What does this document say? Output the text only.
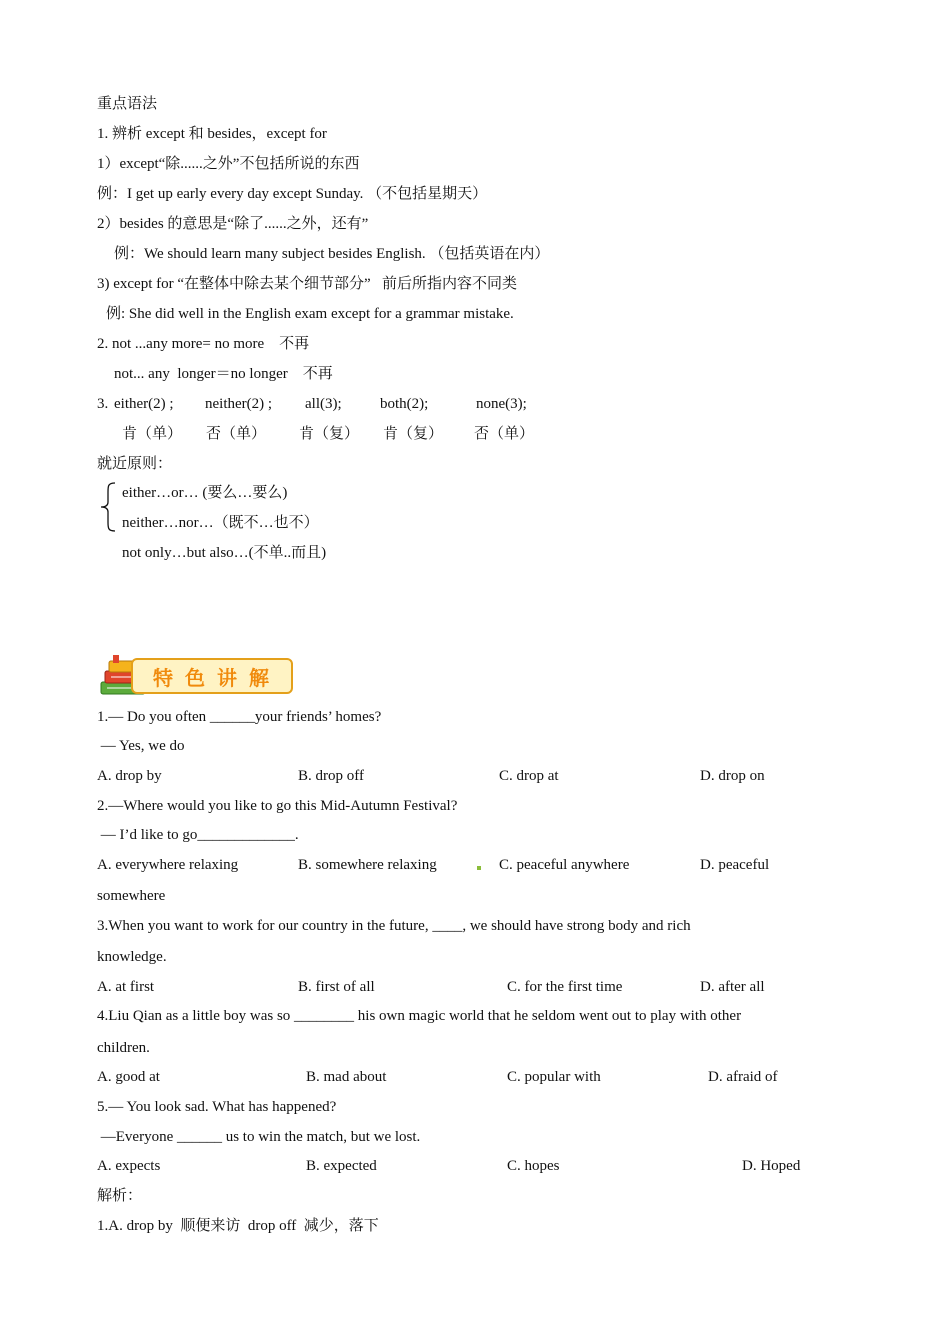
重点语法
1. 辨析 except 和 besides，except for
1）except“除......之外”不包括所说的东西
例：I get up early every day except Sunday. （不包括星期天）
2）besides 的意思是“除了......之外，还有”
例：We should learn many subject besides English. （包括英语在内）
3) except for “在整体中除去某个细节部分”   前后所指内容不同类
例: She did well in the English exam except for a grammar mistake.
2. not ...any more= no more    不再
not... any  longer＝no longer    不再
3. either(2) ; neither(2) ; all(3);	both(2);	none(3);
肯（单） 否（单） 肯（复） 肯（复） 否（单）
就近原则：
either…or… (要么…要么)
neither…nor…（既不…也不）
not only…but also…(不单..而且)
特色讲解
1.— Do you often ______your friends’ homes?
— Yes, we do
A. drop by	B. drop off	C. drop at	D. drop on
2.—Where would you like to go this Mid-Autumn Festival?
— I’d like to go_____________.
A. everywhere relaxing	B. somewhere relaxing	C. peaceful anywhere	D. peaceful
somewhere
3.When you want to work for our country in the future, ____, we should have strong body and rich
knowledge.
A. at first	B. first of all	C. for the first time	D. after all
4.Liu Qian as a little boy was so ________ his own magic world that he seldom went out to play with other
children.
A. good at	B. mad about	C. popular with	D. afraid of
5.— You look sad. What has happened?
—Everyone ______ us to win the match, but we lost.
A. expects	B. expected	C. hopes	D. Hoped
解析：
1.A. drop by  顺便来访  drop off  减少，落下
